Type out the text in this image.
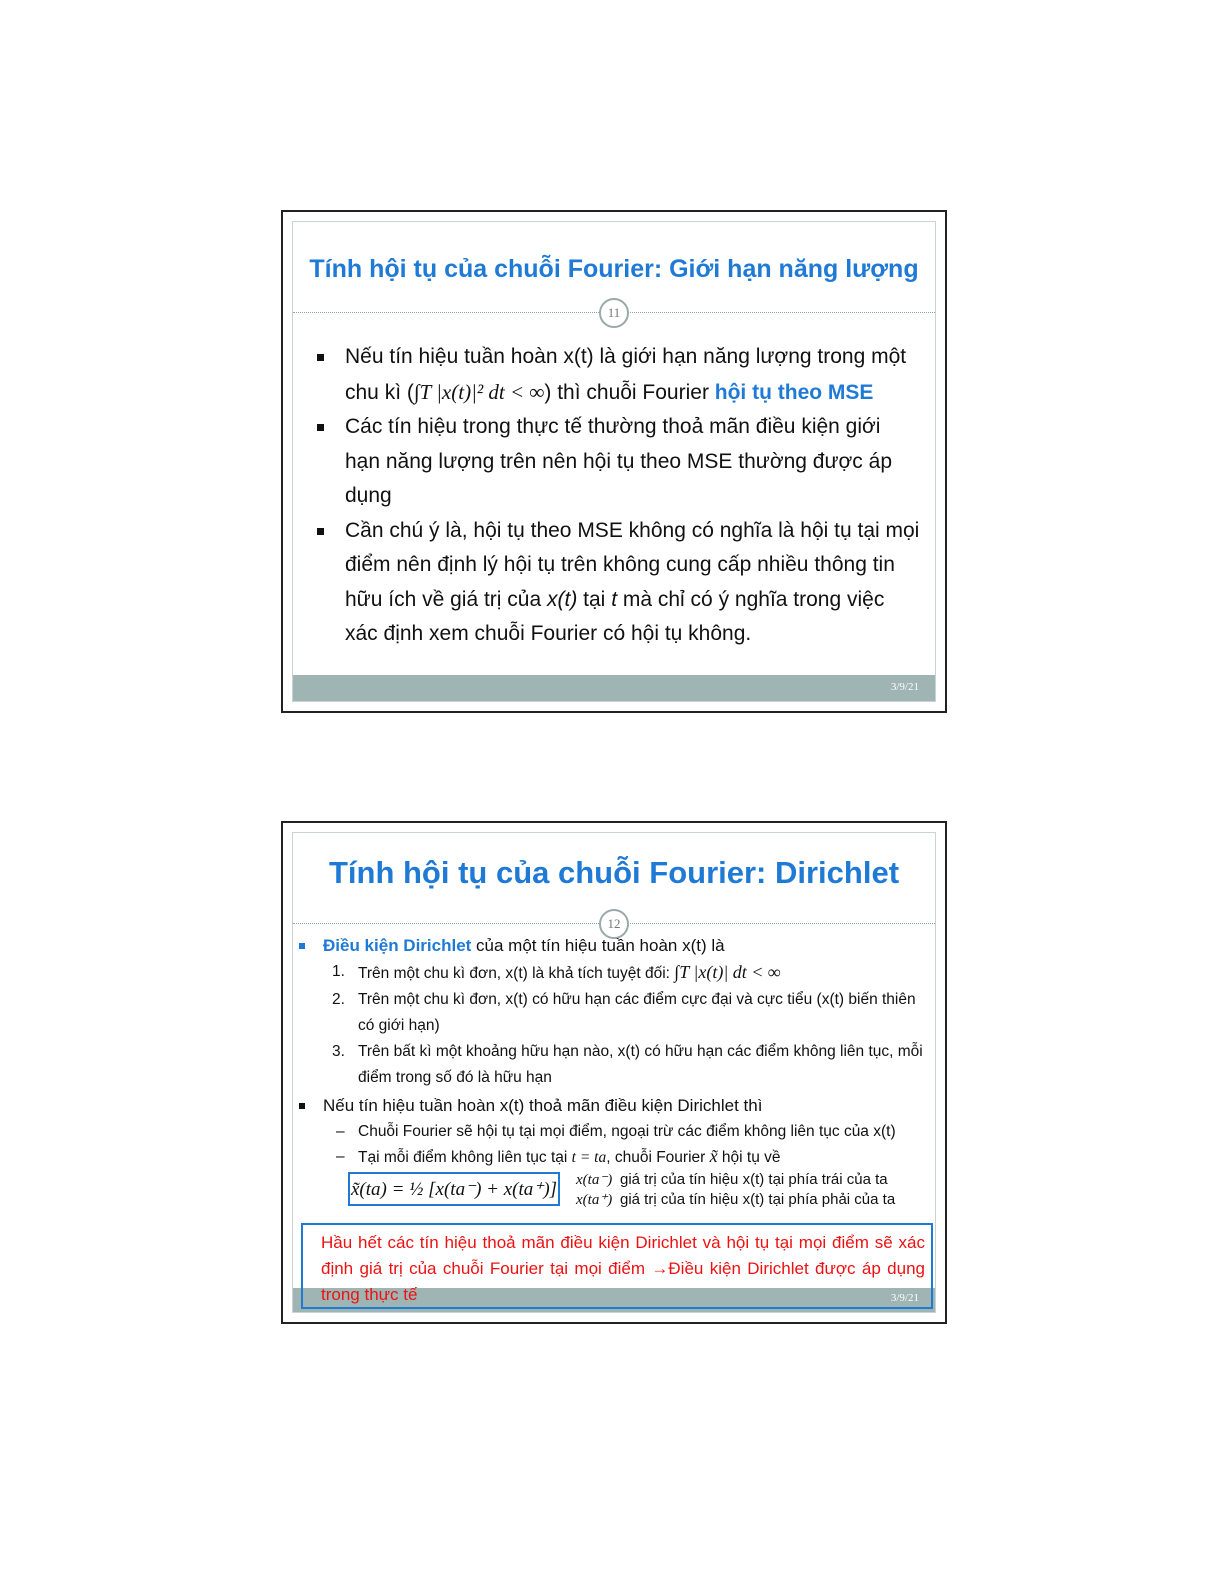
Tính hội tụ của chuỗi Fourier: Giới hạn năng lượng
11
Nếu tín hiệu tuần hoàn x(t) là giới hạn năng lượng trong một chu kì (∫T |x(t)|² dt < ∞) thì chuỗi Fourier hội tụ theo MSE
Các tín hiệu trong thực tế thường thoả mãn điều kiện giới hạn năng lượng trên nên hội tụ theo MSE thường được áp dụng
Cần chú ý là, hội tụ theo MSE không có nghĩa là hội tụ tại mọi điểm nên định lý hội tụ trên không cung cấp nhiều thông tin hữu ích về giá trị của x(t) tại t mà chỉ có ý nghĩa trong việc xác định xem chuỗi Fourier có hội tụ không.
3/9/21
Tính hội tụ của chuỗi Fourier: Dirichlet
12
Điều kiện Dirichlet của một tín hiệu tuần hoàn x(t) là
1. Trên một chu kì đơn, x(t) là khả tích tuyệt đối: ∫T |x(t)| dt < ∞
2. Trên một chu kì đơn, x(t) có hữu hạn các điểm cực đại và cực tiểu (x(t) biến thiên có giới hạn)
3. Trên bất kì một khoảng hữu hạn nào, x(t) có hữu hạn các điểm không liên tục, mỗi điểm trong số đó là hữu hạn
Nếu tín hiệu tuần hoàn x(t) thoả mãn điều kiện Dirichlet thì
– Chuỗi Fourier sẽ hội tụ tại mọi điểm, ngoại trừ các điểm không liên tục của x(t)
– Tại mỗi điểm không liên tục tại t = ta, chuỗi Fourier x̃ hội tụ về
x̃(ta) = ½ [x(ta⁻) + x(ta⁺)] x(ta⁻) giá trị của tín hiệu x(t) tại phía trái của ta
x(ta⁺) giá trị của tín hiệu x(t) tại phía phải của ta
Hầu hết các tín hiệu thoả mãn điều kiện Dirichlet và hội tụ tại mọi điểm sẽ xác định giá trị của chuỗi Fourier tại mọi điểm →Điều kiện Dirichlet được áp dụng trong thực tế	3/9/21
